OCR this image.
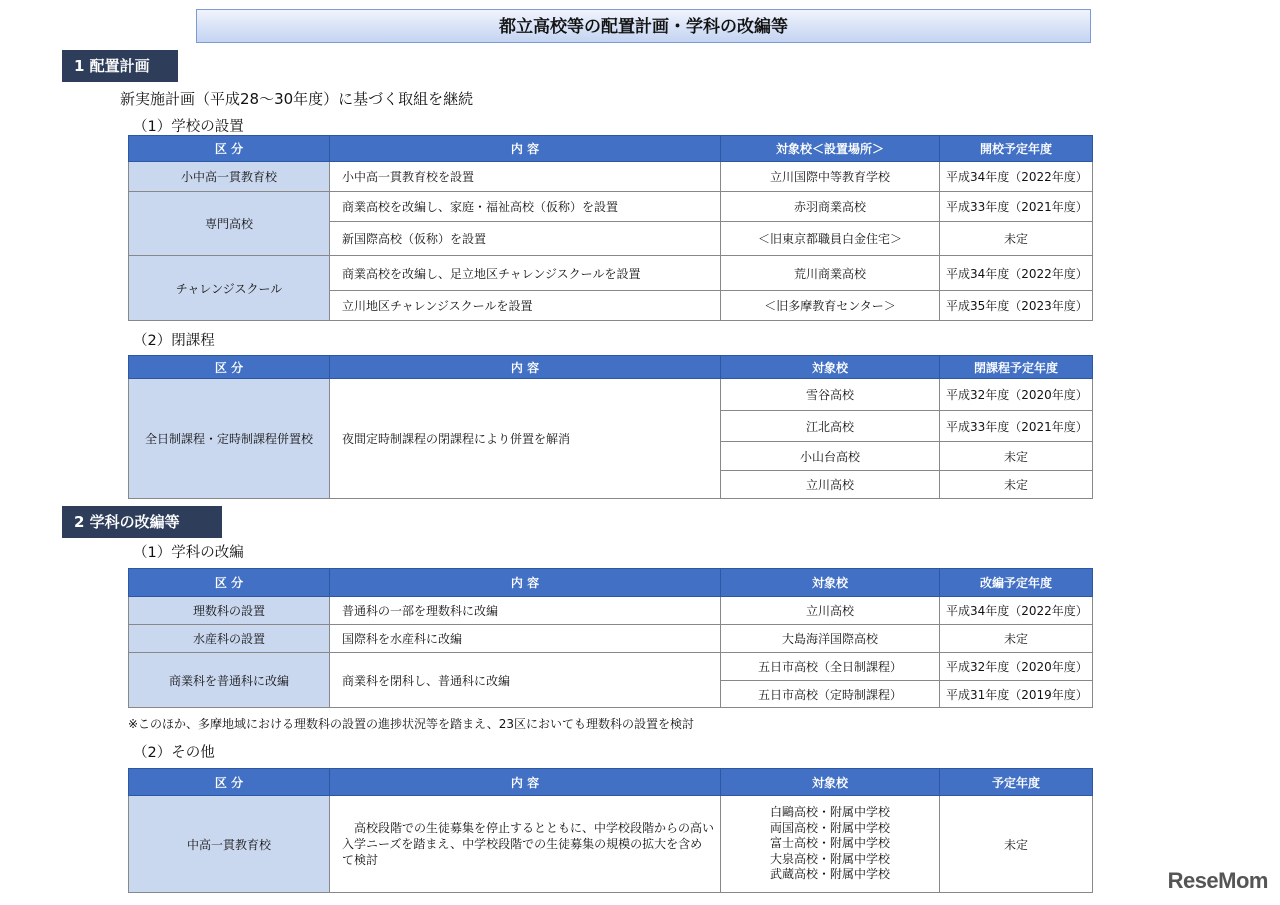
都立高校等の配置計画・学科の改編等
1 配置計画
新実施計画（平成28～30年度）に基づく取組を継続
（1）学校の設置
区 分	内 容	対象校＜設置場所＞	開校予定年度
小中高一貫教育校	小中高一貫教育校を設置	立川国際中等教育学校	平成34年度（2022年度）
専門高校	商業高校を改編し、家庭・福祉高校（仮称）を設置	赤羽商業高校	平成33年度（2021年度）
	新国際高校（仮称）を設置	＜旧東京都職員白金住宅＞	未定
チャレンジスクール	商業高校を改編し、足立地区チャレンジスクールを設置	荒川商業高校	平成34年度（2022年度）
	立川地区チャレンジスクールを設置	＜旧多摩教育センター＞	平成35年度（2023年度）
（2）閉課程
区 分	内 容	対象校	閉課程予定年度
全日制課程・定時制課程併置校	夜間定時制課程の閉課程により併置を解消	雪谷高校	平成32年度（2020年度）
		江北高校	平成33年度（2021年度）
		小山台高校	未定
		立川高校	未定
2 学科の改編等
（1）学科の改編
区 分	内 容	対象校	改編予定年度
理数科の設置	普通科の一部を理数科に改編	立川高校	平成34年度（2022年度）
水産科の設置	国際科を水産科に改編	大島海洋国際高校	未定
商業科を普通科に改編	商業科を閉科し、普通科に改編	五日市高校（全日制課程）	平成32年度（2020年度）
		五日市高校（定時制課程）	平成31年度（2019年度）
※このほか、多摩地域における理数科の設置の進捗状況等を踏まえ、23区においても理数科の設置を検討
（2）その他
区 分	内 容	対象校	予定年度
中高一貫教育校	　高校段階での生徒募集を停止するとともに、中学校段階からの高い入学ニーズを踏まえ、中学校段階での生徒募集の規模の拡大を含めて検討	白鷗高校・附属中学校
両国高校・附属中学校
富士高校・附属中学校
大泉高校・附属中学校
武蔵高校・附属中学校	未定
ReseMom
